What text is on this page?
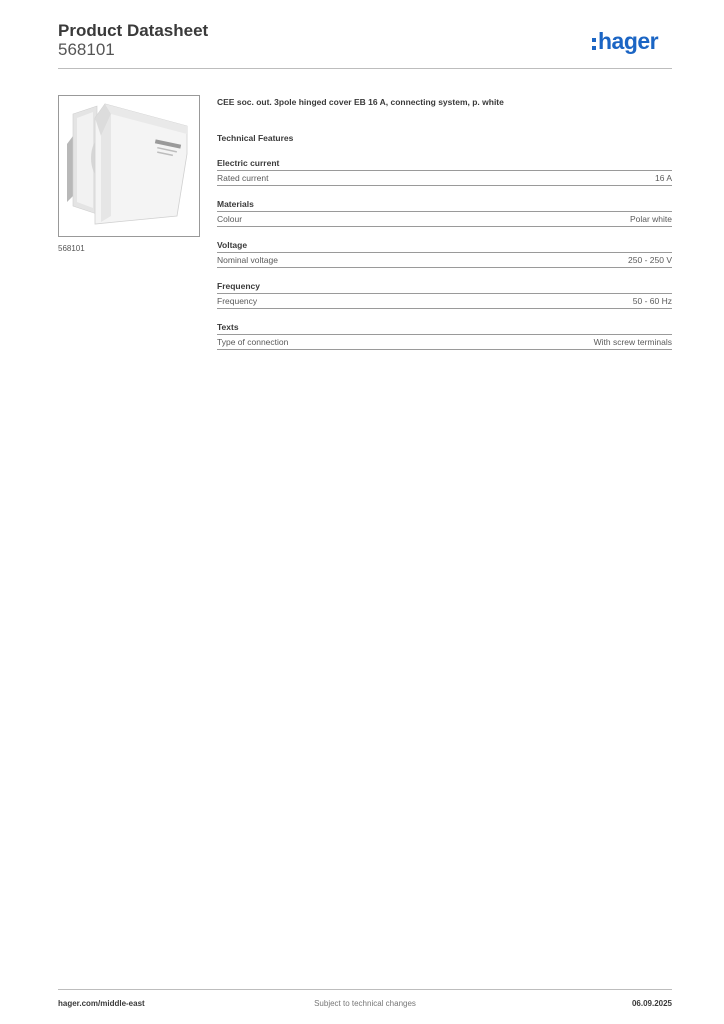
Product Datasheet
568101	hager
568101
CEE soc. out. 3pole hinged cover EB 16 A, connecting system, p. white
Technical Features
Electric current
Rated current	16 A
Materials
Colour	Polar white
Voltage
Nominal voltage	250 - 250 V
Frequency
Frequency	50 - 60 Hz
Texts
Type of connection	With screw terminals
hager.com/middle-east	Subject to technical changes	06.09.2025
